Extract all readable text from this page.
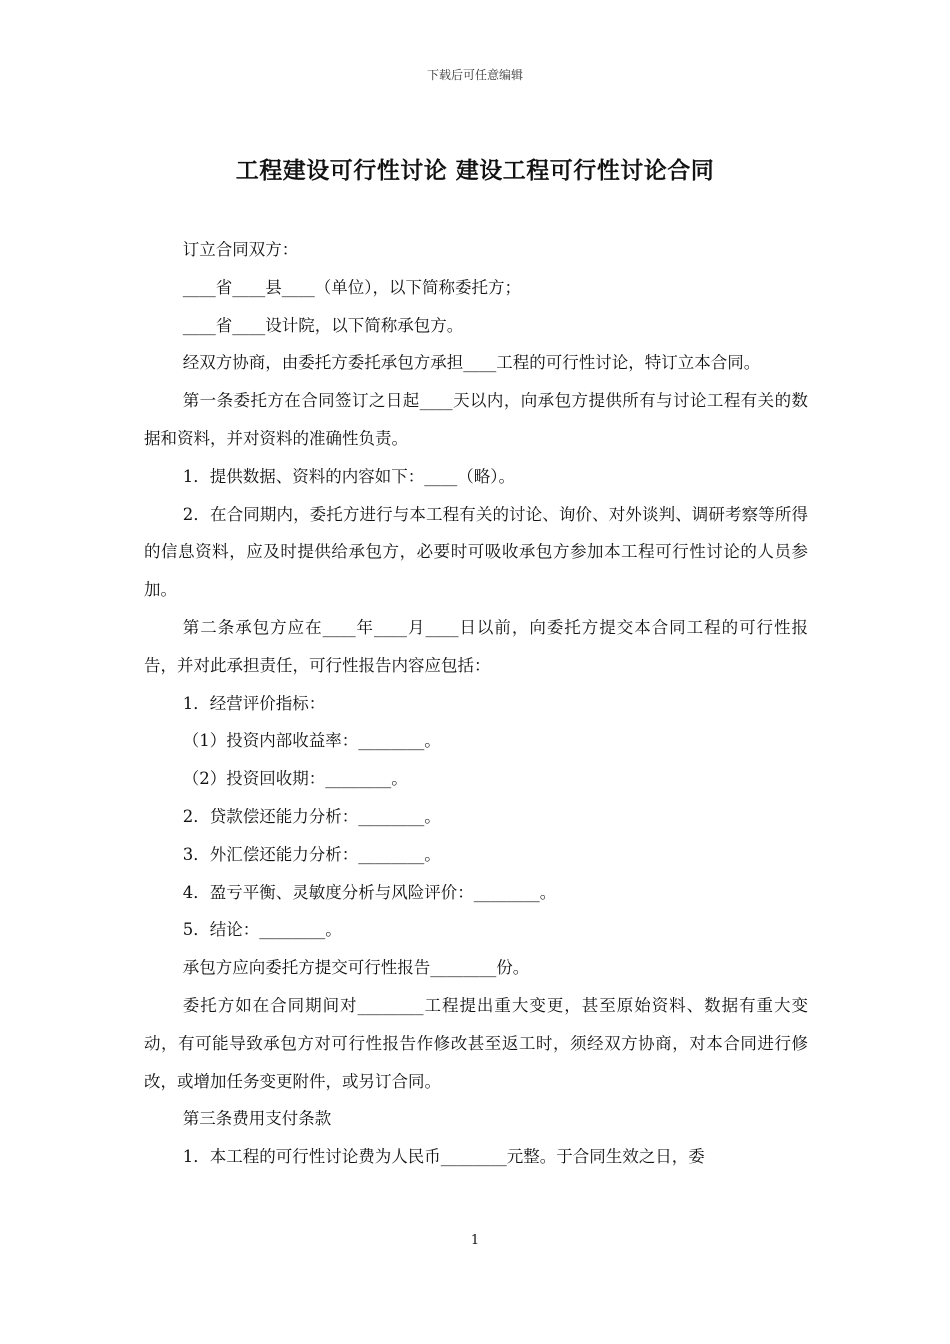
下载后可任意编辑
工程建设可行性讨论 建设工程可行性讨论合同

订立合同双方：

____省____县____（单位），以下简称委托方；

____省____设计院，以下简称承包方。

经双方协商，由委托方委托承包方承担____工程的可行性讨论，特订立本合同。

第一条委托方在合同签订之日起____天以内，向承包方提供所有与讨论工程有关的数据和资料，并对资料的准确性负责。

1．提供数据、资料的内容如下：____（略）。

2．在合同期内，委托方进行与本工程有关的讨论、询价、对外谈判、调研考察等所得的信息资料，应及时提供给承包方，必要时可吸收承包方参加本工程可行性讨论的人员参加。

第二条承包方应在____年____月____日以前，向委托方提交本合同工程的可行性报告，并对此承担责任，可行性报告内容应包括：

1．经营评价指标：

（1）投资内部收益率：________。

（2）投资回收期：________。

2．贷款偿还能力分析：________。

3．外汇偿还能力分析：________。

4．盈亏平衡、灵敏度分析与风险评价：________。

5．结论：________。

承包方应向委托方提交可行性报告________份。

委托方如在合同期间对________工程提出重大变更，甚至原始资料、数据有重大变动，有可能导致承包方对可行性报告作修改甚至返工时，须经双方协商，对本合同进行修改，或增加任务变更附件，或另订合同。

第三条费用支付条款

1．本工程的可行性讨论费为人民币________元整。于合同生效之日，委

1
